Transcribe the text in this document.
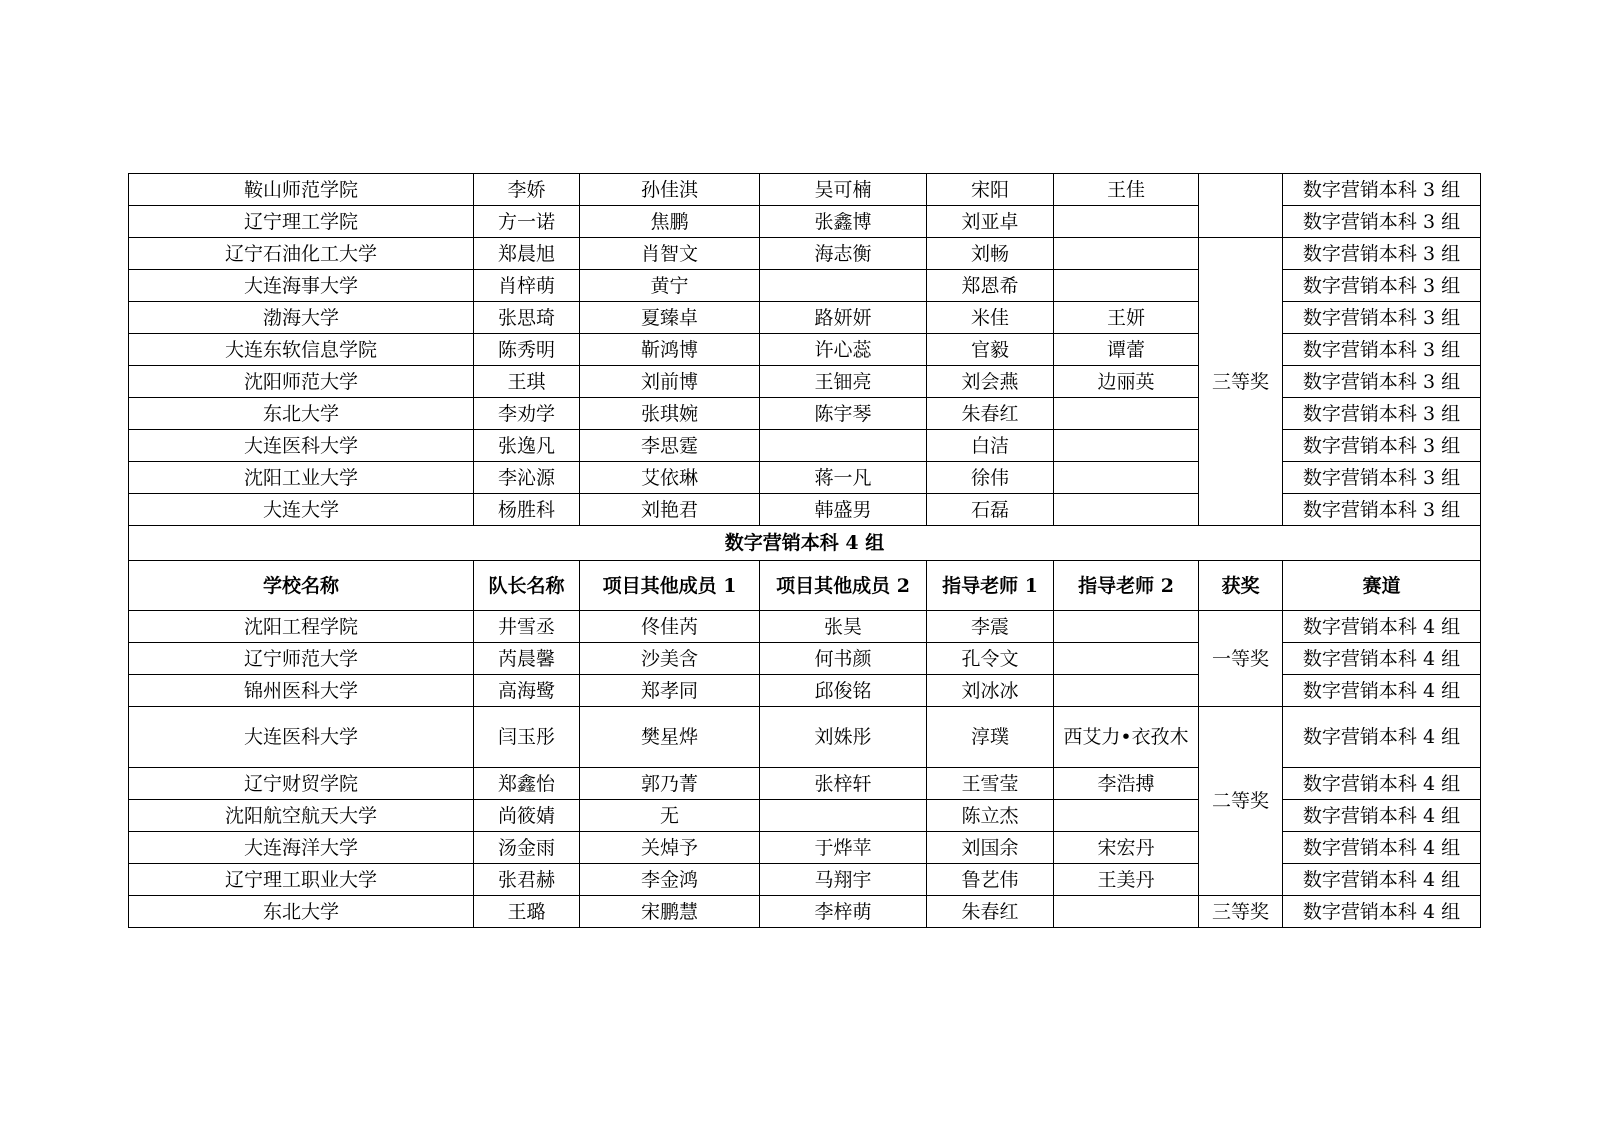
鞍山师范学院	李娇	孙佳淇	吴可楠	宋阳	王佳		数字营销本科 3 组
辽宁理工学院	方一诺	焦鹏	张鑫博	刘亚卓			数字营销本科 3 组
辽宁石油化工大学	郑晨旭	肖智文	海志衡	刘畅		三等奖	数字营销本科 3 组
大连海事大学	肖梓萌	黄宁		郑恩希			数字营销本科 3 组
渤海大学	张思琦	夏臻卓	路妍妍	米佳	王妍		数字营销本科 3 组
大连东软信息学院	陈秀明	靳鸿博	许心蕊	官毅	谭蕾		数字营销本科 3 组
沈阳师范大学	王琪	刘前博	王钿亮	刘会燕	边丽英		数字营销本科 3 组
东北大学	李劝学	张琪婉	陈宇琴	朱春红			数字营销本科 3 组
大连医科大学	张逸凡	李思霆		白洁			数字营销本科 3 组
沈阳工业大学	李沁源	艾依琳	蒋一凡	徐伟			数字营销本科 3 组
大连大学	杨胜科	刘艳君	韩盛男	石磊			数字营销本科 3 组
数字营销本科 4 组							
学校名称	队长名称	项目其他成员 1	项目其他成员 2	指导老师 1	指导老师 2	获奖	赛道
沈阳工程学院	井雪丞	佟佳芮	张昊	李震		一等奖	数字营销本科 4 组
辽宁师范大学	芮晨馨	沙美含	何书颜	孔令文			数字营销本科 4 组
锦州医科大学	高海鹭	郑孝同	邱俊铭	刘冰冰			数字营销本科 4 组
大连医科大学	闫玉彤	樊星烨	刘姝彤	淳璞	西艾力•衣孜木	二等奖	数字营销本科 4 组
辽宁财贸学院	郑鑫怡	郭乃菁	张梓轩	王雪莹	李浩搏		数字营销本科 4 组
沈阳航空航天大学	尚筱婧	无		陈立杰			数字营销本科 4 组
大连海洋大学	汤金雨	关焯予	于烨苹	刘国余	宋宏丹		数字营销本科 4 组
辽宁理工职业大学	张君赫	李金鸿	马翔宇	鲁艺伟	王美丹		数字营销本科 4 组
东北大学	王璐	宋鹏慧	李梓萌	朱春红		三等奖	数字营销本科 4 组
